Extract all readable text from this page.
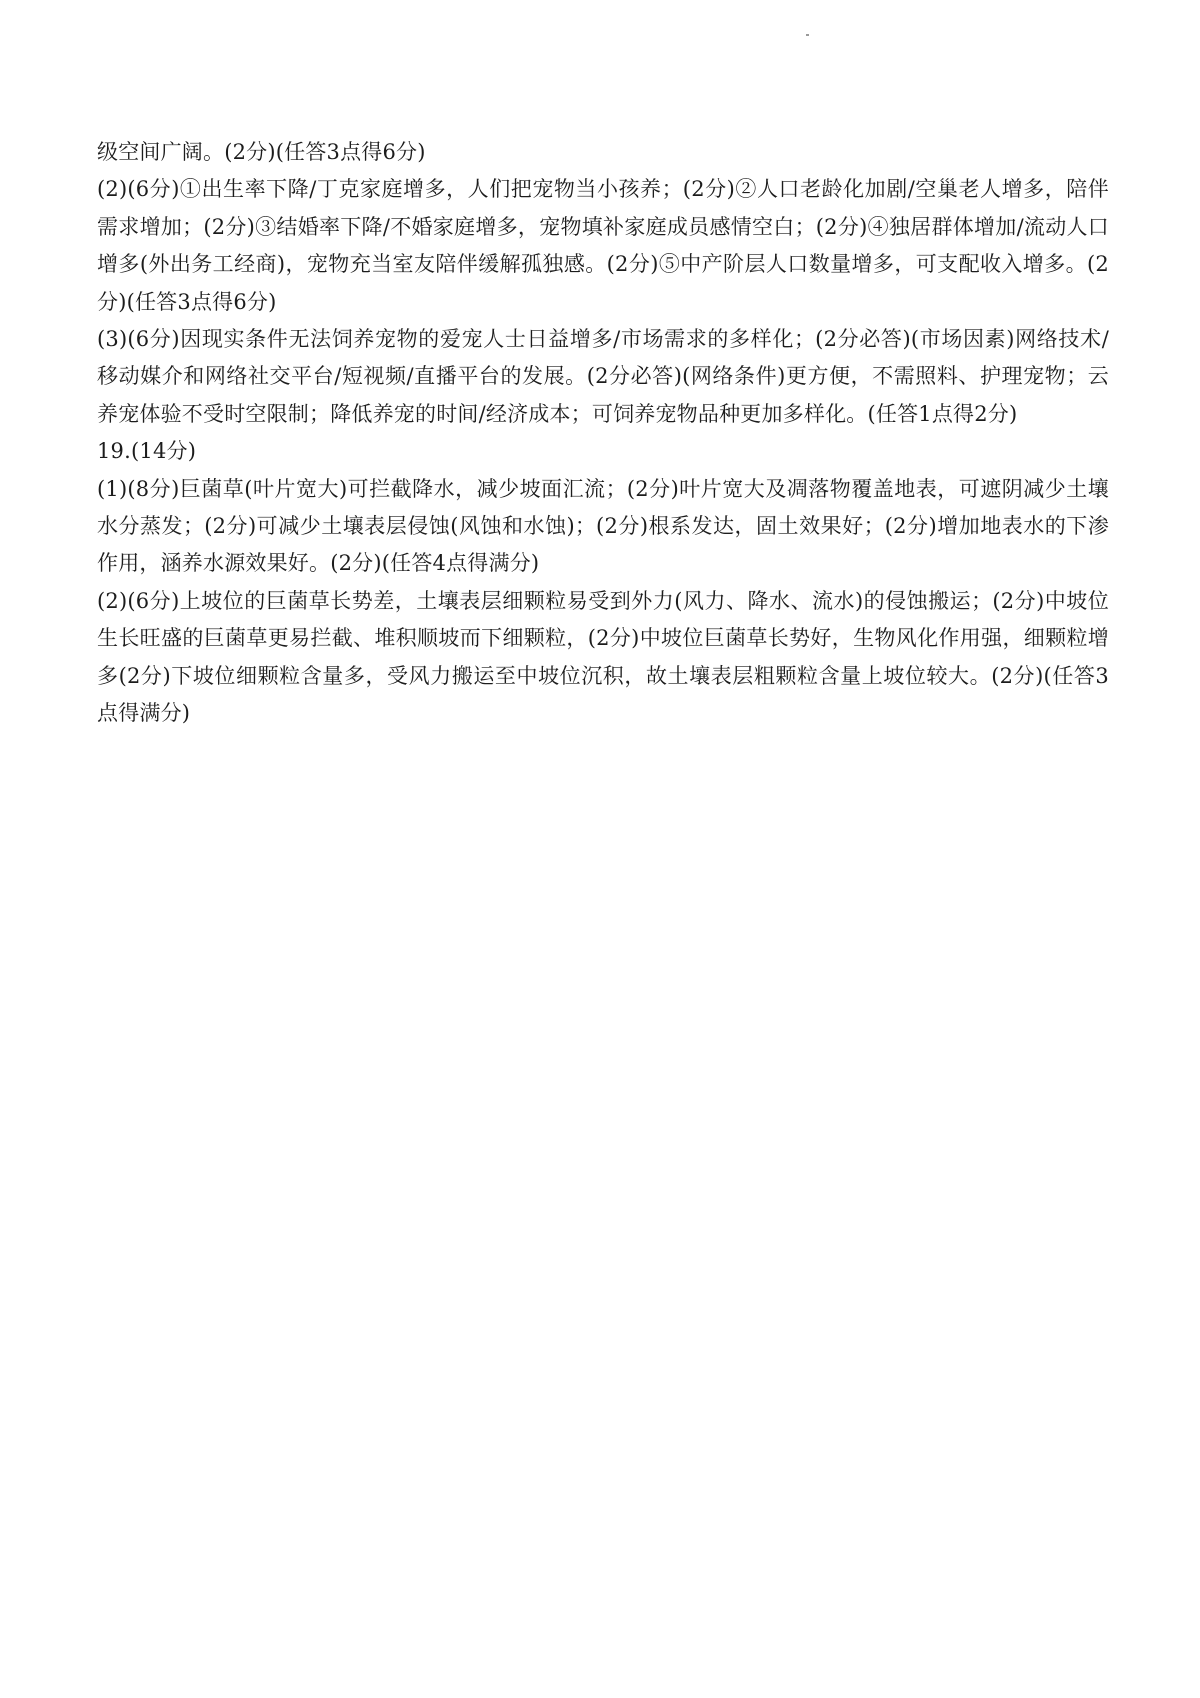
级空间广阔。(2分)(任答3点得6分)

(2)(6分)①出生率下降/丁克家庭增多，人们把宠物当小孩养；(2分)②人口老龄化加剧/空巢老人增多，陪伴需求增加；(2分)③结婚率下降/不婚家庭增多，宠物填补家庭成员感情空白；(2分)④独居群体增加/流动人口增多(外出务工经商)，宠物充当室友陪伴缓解孤独感。(2分)⑤中产阶层人口数量增多，可支配收入增多。(2分)(任答3点得6分)

(3)(6分)因现实条件无法饲养宠物的爱宠人士日益增多/市场需求的多样化；(2分必答)(市场因素)网络技术/移动媒介和网络社交平台/短视频/直播平台的发展。(2分必答)(网络条件)更方便，不需照料、护理宠物；云养宠体验不受时空限制；降低养宠的时间/经济成本；可饲养宠物品种更加多样化。(任答1点得2分)

19.(14分)

(1)(8分)巨菌草(叶片宽大)可拦截降水，减少坡面汇流；(2分)叶片宽大及凋落物覆盖地表，可遮阴减少土壤水分蒸发；(2分)可减少土壤表层侵蚀(风蚀和水蚀)；(2分)根系发达，固土效果好；(2分)增加地表水的下渗作用，涵养水源效果好。(2分)(任答4点得满分)

(2)(6分)上坡位的巨菌草长势差，土壤表层细颗粒易受到外力(风力、降水、流水)的侵蚀搬运；(2分)中坡位生长旺盛的巨菌草更易拦截、堆积顺坡而下细颗粒，(2分)中坡位巨菌草长势好，生物风化作用强，细颗粒增多(2分)下坡位细颗粒含量多，受风力搬运至中坡位沉积，故土壤表层粗颗粒含量上坡位较大。(2分)(任答3点得满分)
